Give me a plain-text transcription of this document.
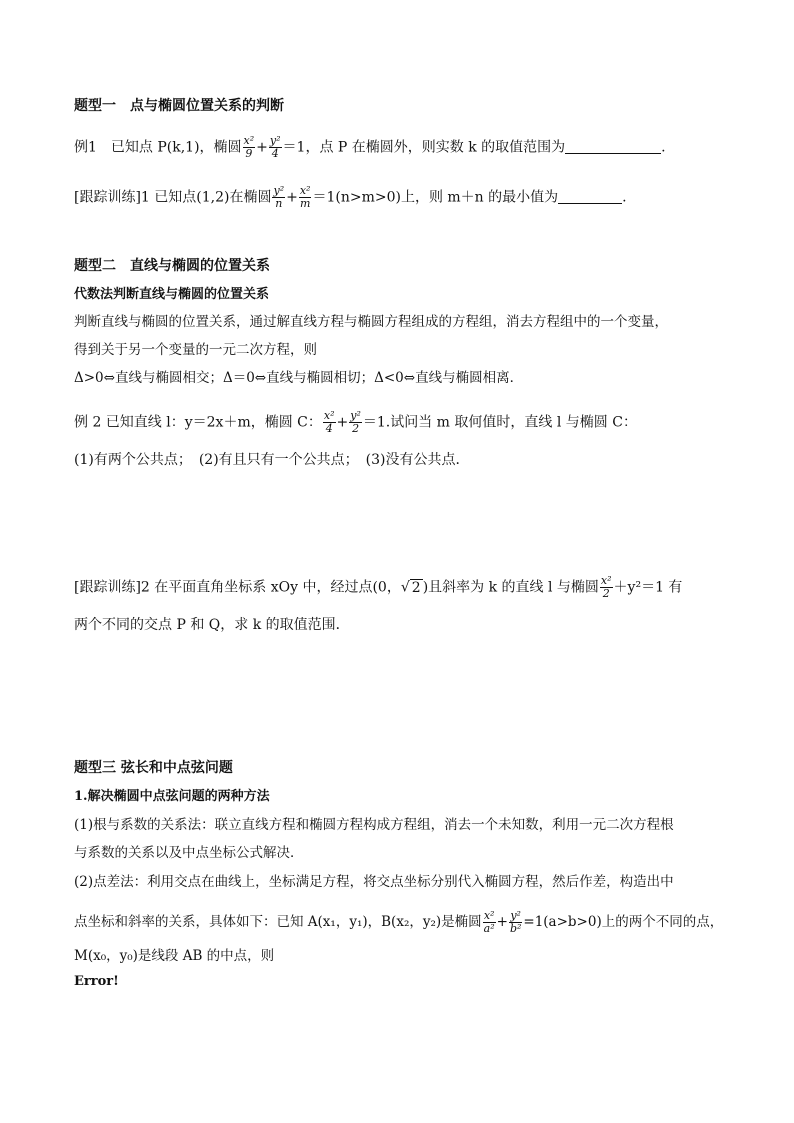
题型一　点与椭圆位置关系的判断
例1　已知点 P(k,1)，椭圆 $\frac{\text{x²}}{9} + \frac{\text{y²}}{4} =1$，点 P 在椭圆外，则实数 k 的取值范围为	.
[跟踪训练]1 已知点(1,2)在椭圆 $\frac{\text{y²}}{n} + \frac{\text{x²}}{m} =1(n>m>0)$上，则 m＋n 的最小值为	.
题型二　直线与椭圆的位置关系
代数法判断直线与椭圆的位置关系
判断直线与椭圆的位置关系，通过解直线方程与椭圆方程组成的方程组，消去方程组中的一个变量，
得到关于另一个变量的一元二次方程，则
Δ>0⇔直线与椭圆相交；Δ＝0⇔直线与椭圆相切；Δ<0⇔直线与椭圆相离．
例 2 已知直线 l：y＝2x＋m，椭圆 C： $\frac{\text{x²}}{4} + \frac{\text{y²}}{2} =1$.试问当 m 取何值时，直线 l 与椭圆 C：
(1)有两个公共点；　(2)有且只有一个公共点；　(3)没有公共点．
[跟踪训练]2 在平面直角坐标系 xOy 中，经过点(0，√ 2 )且斜率为 k 的直线 l 与椭圆 $\frac{\text{x²}}{2} +y^2=1$ 有
两个不同的交点 P 和 Q，求 k 的取值范围．
题型三 弦长和中点弦问题
1.解决椭圆中点弦问题的两种方法
(1)根与系数的关系法：联立直线方程和椭圆方程构成方程组，消去一个未知数，利用一元二次方程根
与系数的关系以及中点坐标公式解决．
(2)点差法：利用交点在曲线上，坐标满足方程，将交点坐标分别代入椭圆方程，然后作差，构造出中
点坐标和斜率的关系，具体如下：已知 A(x₁，y₁)，B(x₂，y₂)是椭圆 $\frac{\text{x²}}{\text{a²}} + \frac{\text{y²}}{\text{b²}} =1(a>b>0)$上的两个不同的点，
M(x₀，y₀)是线段 AB 的中点，则
Error!
